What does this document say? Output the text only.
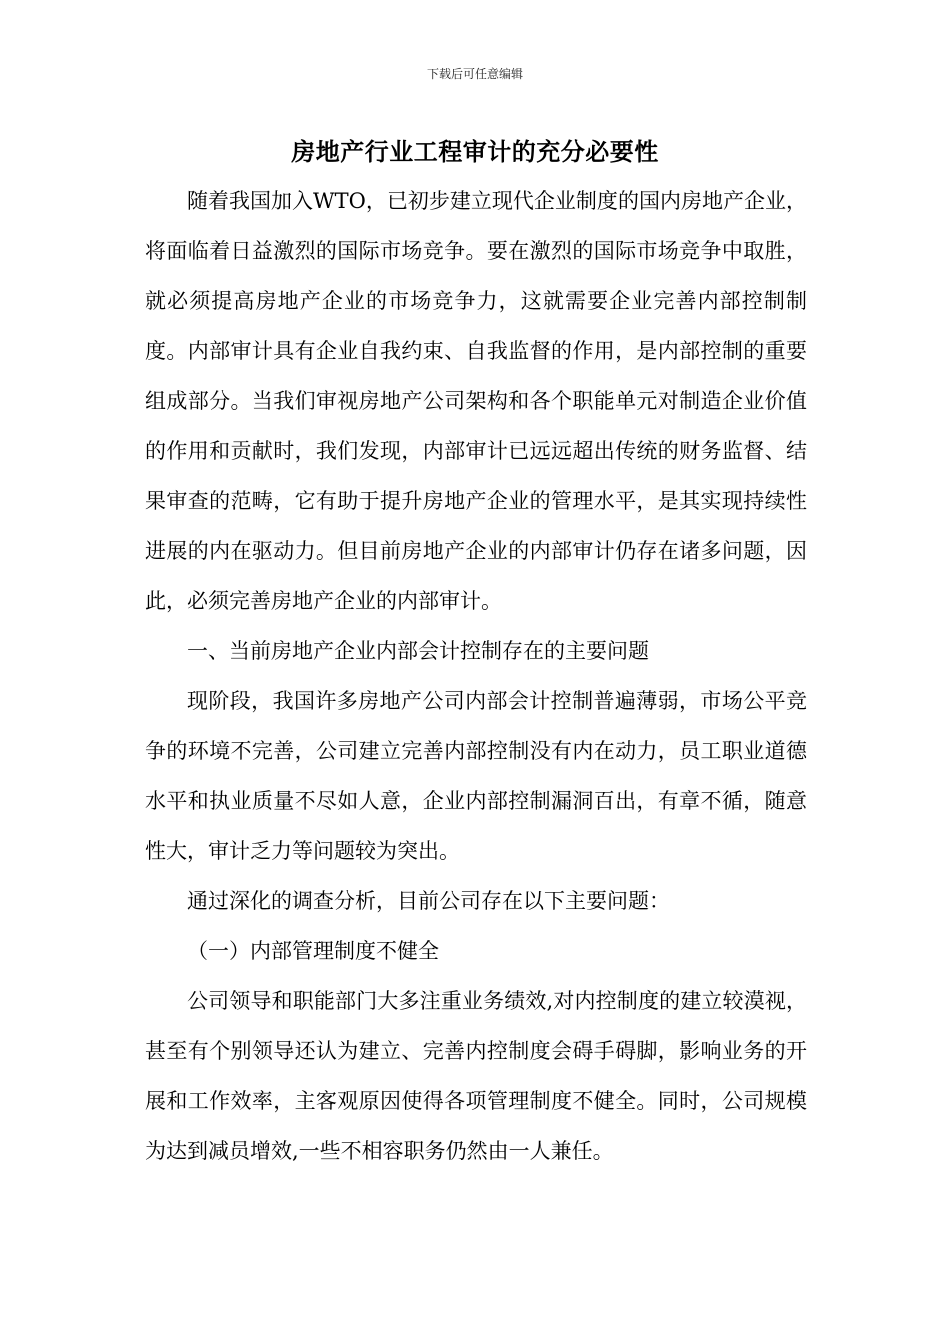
下载后可任意编辑
房地产行业工程审计的充分必要性

随着我国加入WTO，已初步建立现代企业制度的国内房地产企业，将面临着日益激烈的国际市场竞争。要在激烈的国际市场竞争中取胜，就必须提高房地产企业的市场竞争力，这就需要企业完善内部控制制度。内部审计具有企业自我约束、自我监督的作用，是内部控制的重要组成部分。当我们审视房地产公司架构和各个职能单元对制造企业价值的作用和贡献时，我们发现，内部审计已远远超出传统的财务监督、结果审查的范畴，它有助于提升房地产企业的管理水平，是其实现持续性进展的内在驱动力。但目前房地产企业的内部审计仍存在诸多问题，因此，必须完善房地产企业的内部审计。

一、当前房地产企业内部会计控制存在的主要问题

现阶段，我国许多房地产公司内部会计控制普遍薄弱，市场公平竞争的环境不完善，公司建立完善内部控制没有内在动力，员工职业道德水平和执业质量不尽如人意，企业内部控制漏洞百出，有章不循，随意性大，审计乏力等问题较为突出。

通过深化的调查分析，目前公司存在以下主要问题：

（一）内部管理制度不健全

公司领导和职能部门大多注重业务绩效,对内控制度的建立较漠视，甚至有个别领导还认为建立、完善内控制度会碍手碍脚，影响业务的开展和工作效率，主客观原因使得各项管理制度不健全。同时，公司规模为达到减员增效,一些不相容职务仍然由一人兼任。
